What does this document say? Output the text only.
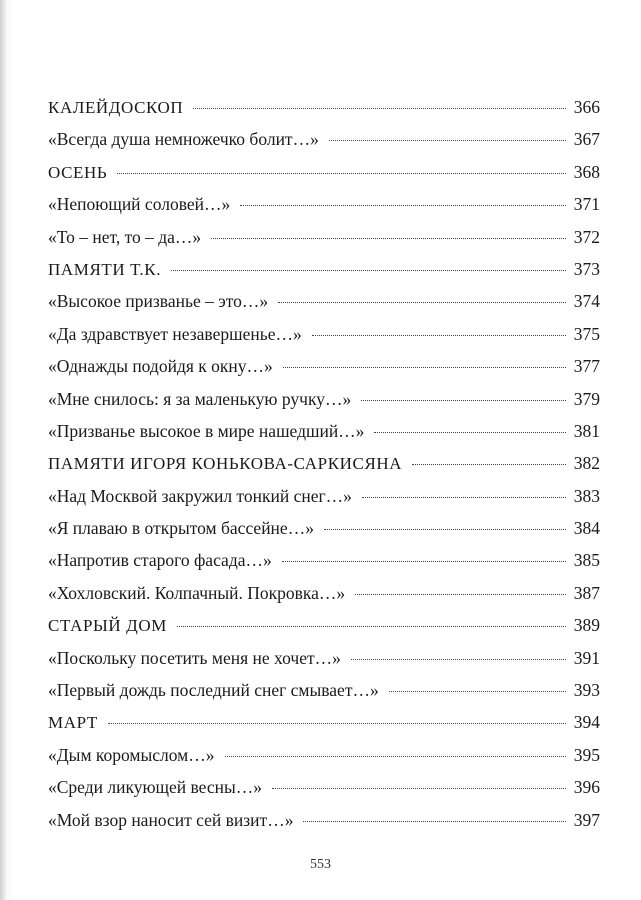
КАЛЕЙДОСКОП	366
«Всегда душа немножечко болит…»	367
ОСЕНЬ	368
«Непоющий соловей…»	371
«То – нет, то – да…»	372
ПАМЯТИ Т.К.	373
«Высокое призванье – это…»	374
«Да здравствует незавершенье…»	375
«Однажды подойдя к окну…»	377
«Мне снилось: я за маленькую ручку…»	379
«Призванье высокое в мире нашедший…»	381
ПАМЯТИ ИГОРЯ КОНЬКОВА-САРКИСЯНА	382
«Над Москвой закружил тонкий снег…»	383
«Я плаваю в открытом бассейне…»	384
«Напротив старого фасада…»	385
«Хохловский. Колпачный. Покровка…»	387
СТАРЫЙ ДОМ	389
«Поскольку посетить меня не хочет…»	391
«Первый дождь последний снег смывает…»	393
МАРТ	394
«Дым коромыслом…»	395
«Среди ликующей весны…»	396
«Мой взор наносит сей визит…»	397
553
